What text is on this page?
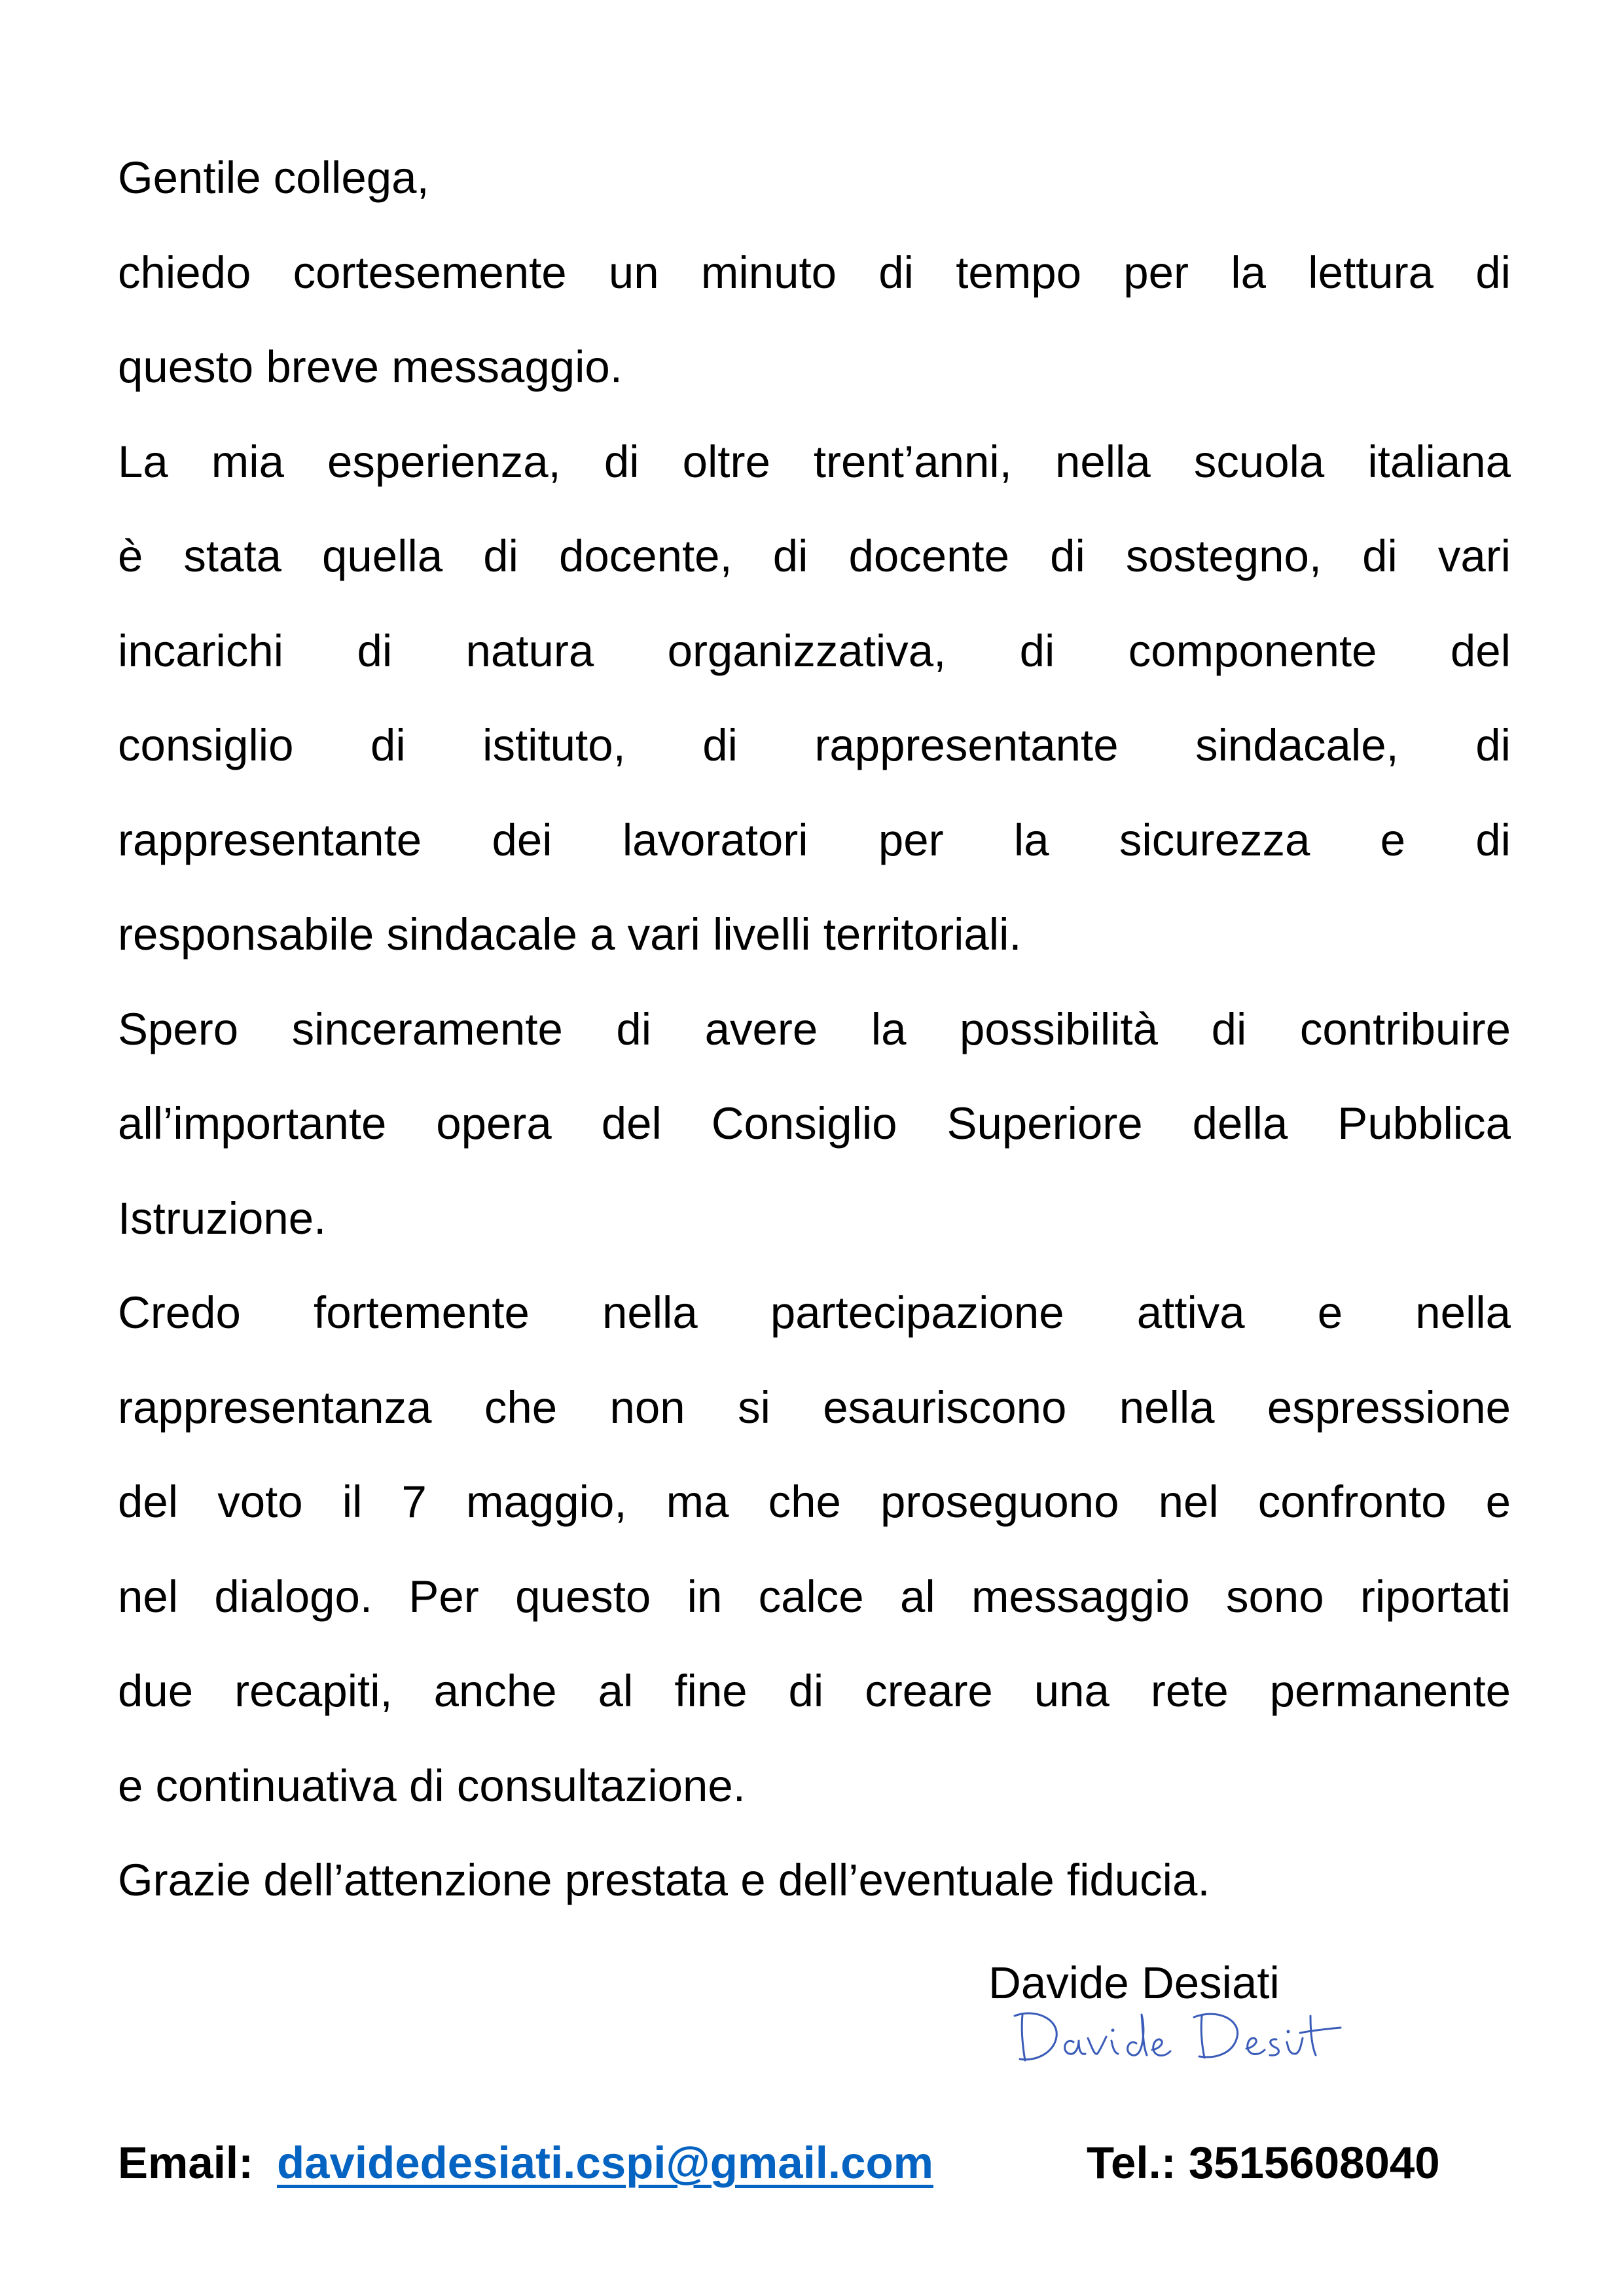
Gentile collega,

chiedo cortesemente un minuto di tempo per la lettura di

questo breve messaggio.

La mia esperienza, di oltre trent’anni, nella scuola italiana

è stata quella di docente, di docente di sostegno, di vari

incarichi di natura organizzativa, di componente del

consiglio di istituto, di rappresentante sindacale, di

rappresentante dei lavoratori per la sicurezza e di

responsabile sindacale a vari livelli territoriali.

Spero sinceramente di avere la possibilità di contribuire

all’importante opera del Consiglio Superiore della Pubblica

Istruzione.

Credo fortemente nella partecipazione attiva e nella

rappresentanza che non si esauriscono nella espressione

del voto il 7 maggio, ma che proseguono nel confronto e

nel dialogo. Per questo in calce al messaggio sono riportati

due recapiti, anche al fine di creare una rete permanente

e continuativa di consultazione.

Grazie dell’attenzione prestata e dell’eventuale fiducia.

Davide Desiati
Email: davidedesiati.cspi@gmail.com	Tel.: 3515608040
